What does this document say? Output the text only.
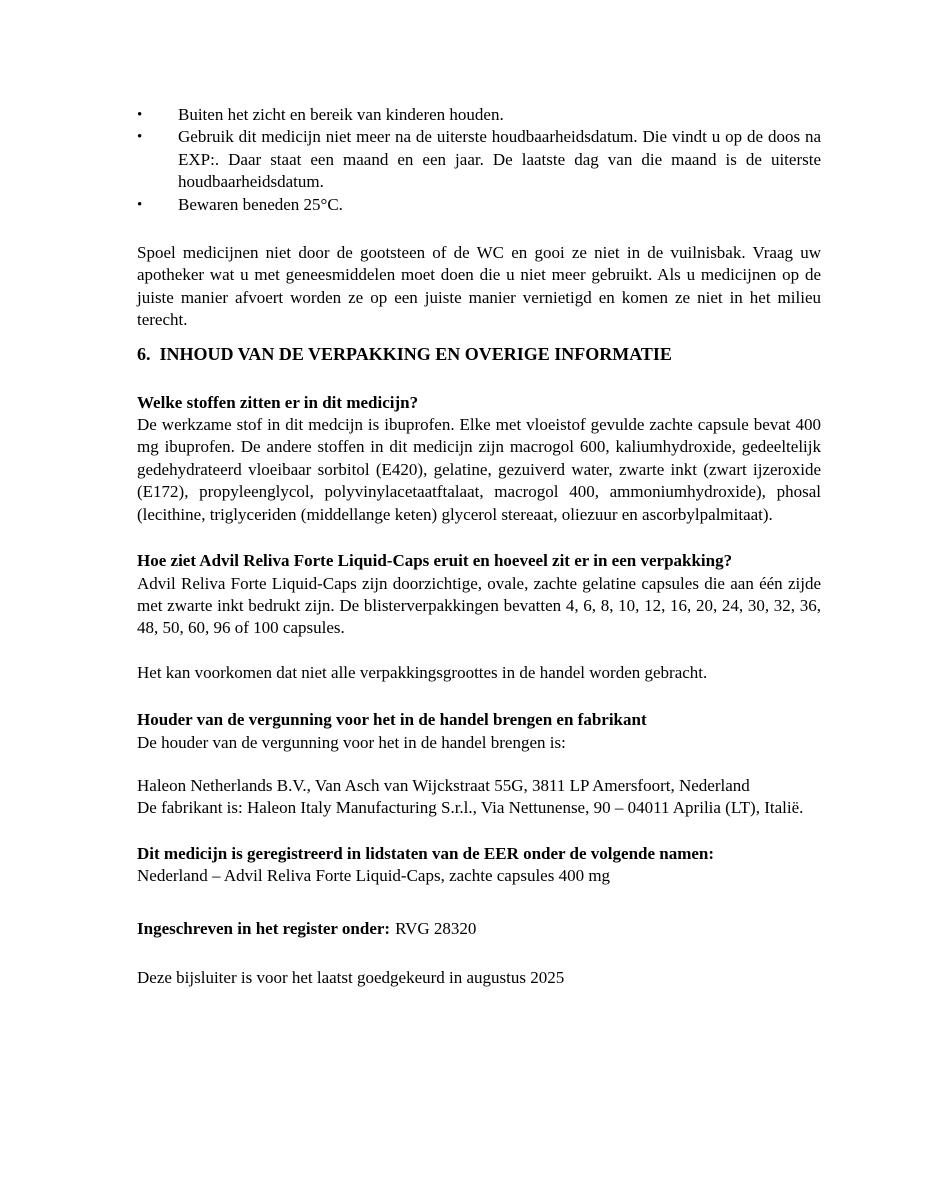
•	Buiten het zicht en bereik van kinderen houden.
•	Gebruik dit medicijn niet meer na de uiterste houdbaarheidsdatum. Die vindt u op de doos na EXP:. Daar staat een maand en een jaar. De laatste dag van die maand is de uiterste houdbaarheidsdatum.
•	Bewaren beneden 25°C.

Spoel medicijnen niet door de gootsteen of de WC en gooi ze niet in de vuilnisbak. Vraag uw apotheker wat u met geneesmiddelen moet doen die u niet meer gebruikt. Als u medicijnen op de juiste manier afvoert worden ze op een juiste manier vernietigd en komen ze niet in het milieu terecht.

6. INHOUD VAN DE VERPAKKING EN OVERIGE INFORMATIE
Welke stoffen zitten er in dit medicijn?

De werkzame stof in dit medcijn is ibuprofen. Elke met vloeistof gevulde zachte capsule bevat 400 mg ibuprofen. De andere stoffen in dit medicijn zijn macrogol 600, kaliumhydroxide, gedeeltelijk gedehydrateerd vloeibaar sorbitol (E420), gelatine, gezuiverd water, zwarte inkt (zwart ijzeroxide (E172), propyleenglycol, polyvinylacetaatftalaat, macrogol 400, ammoniumhydroxide), phosal (lecithine, triglyceriden (middellange keten) glycerol stereaat, oliezuur en ascorbylpalmitaat).

Hoe ziet Advil Reliva Forte Liquid-Caps eruit en hoeveel zit er in een verpakking?

Advil Reliva Forte Liquid-Caps zijn doorzichtige, ovale, zachte gelatine capsules die aan één zijde met zwarte inkt bedrukt zijn. De blisterverpakkingen bevatten 4, 6, 8, 10, 12, 16, 20, 24, 30, 32, 36, 48, 50, 60, 96 of 100 capsules.

Het kan voorkomen dat niet alle verpakkingsgroottes in de handel worden gebracht.

Houder van de vergunning voor het in de handel brengen en fabrikant

De houder van de vergunning voor het in de handel brengen is:

Haleon Netherlands B.V., Van Asch van Wijckstraat 55G, 3811 LP Amersfoort, Nederland

De fabrikant is: Haleon Italy Manufacturing S.r.l., Via Nettunense, 90 – 04011 Aprilia (LT), Italië.

Dit medicijn is geregistreerd in lidstaten van de EER onder de volgende namen:

Nederland – Advil Reliva Forte Liquid-Caps, zachte capsules 400 mg

Ingeschreven in het register onder: RVG 28320

Deze bijsluiter is voor het laatst goedgekeurd in augustus 2025
